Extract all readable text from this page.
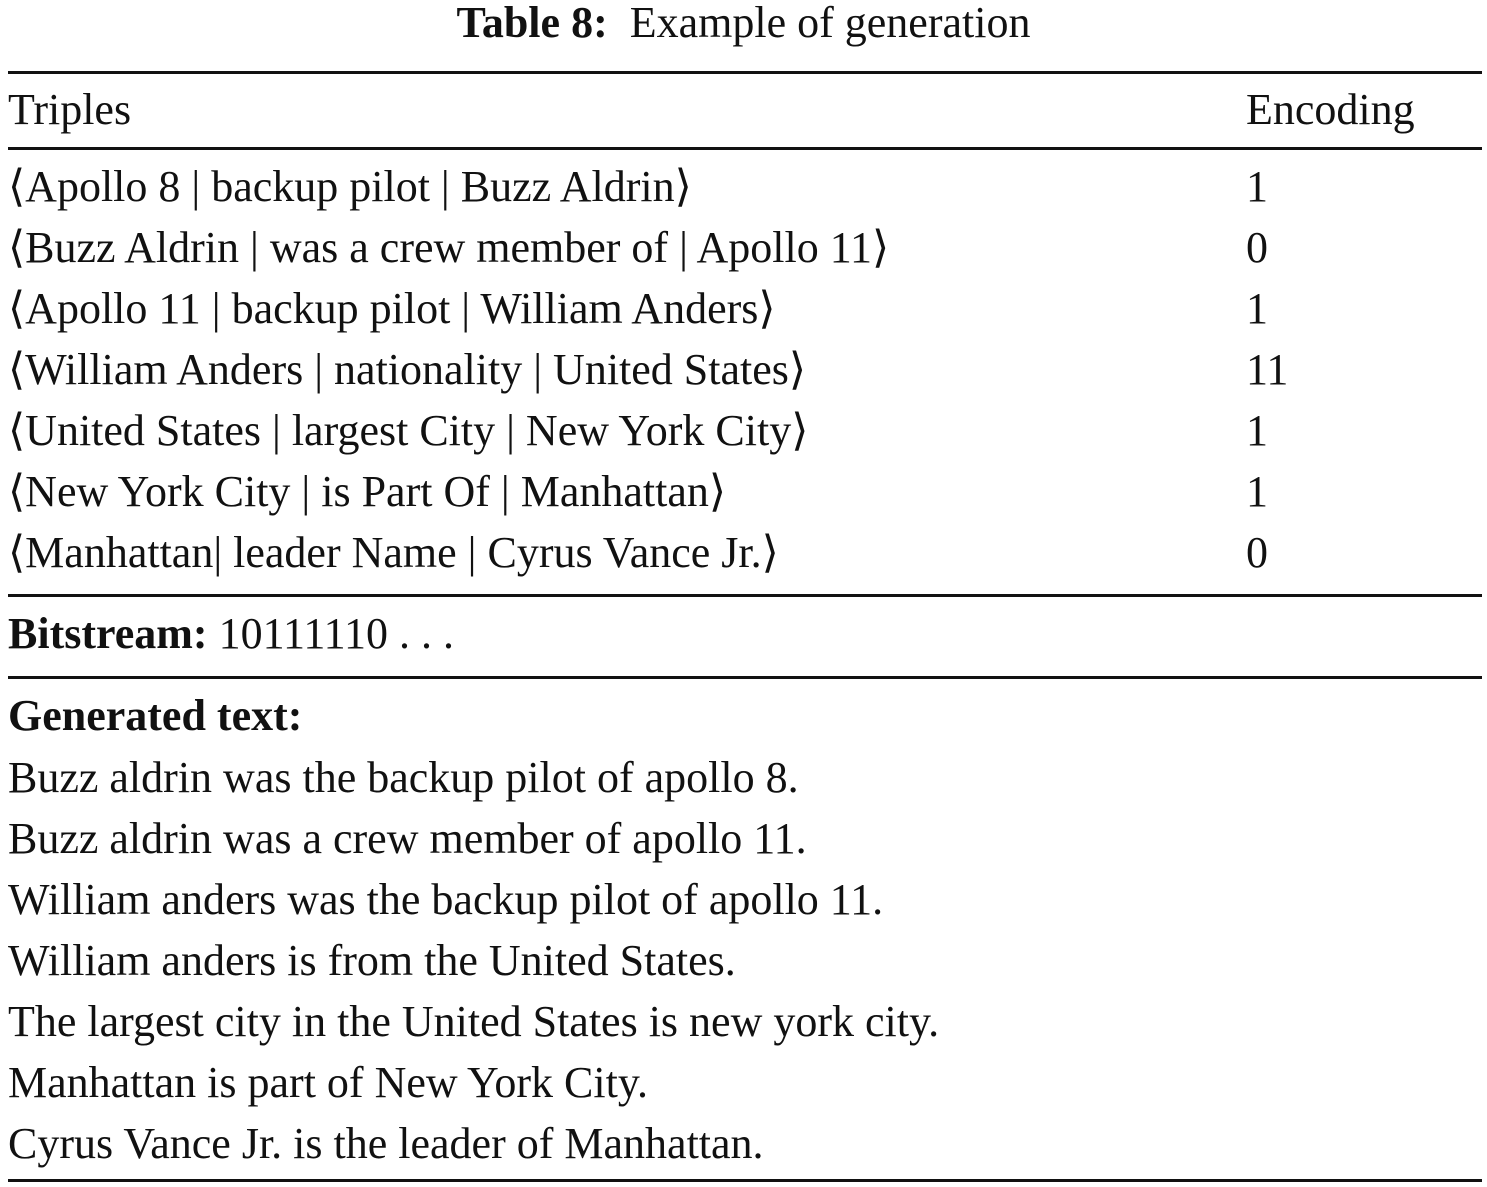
Table 8: Example of generation
Triples	Encoding
⟨Apollo 8 | backup pilot | Buzz Aldrin⟩	1
⟨Buzz Aldrin | was a crew member of | Apollo 11⟩	0
⟨Apollo 11 | backup pilot | William Anders⟩	1
⟨William Anders | nationality | United States⟩	11
⟨United States | largest City | New York City⟩	1
⟨New York City | is Part Of | Manhattan⟩	1
⟨Manhattan| leader Name | Cyrus Vance Jr.⟩	0
Bitstream: 10111110 . . .
Generated text:
Buzz aldrin was the backup pilot of apollo 8.
Buzz aldrin was a crew member of apollo 11.
William anders was the backup pilot of apollo 11.
William anders is from the United States.
The largest city in the United States is new york city.
Manhattan is part of New York City.
Cyrus Vance Jr. is the leader of Manhattan.
